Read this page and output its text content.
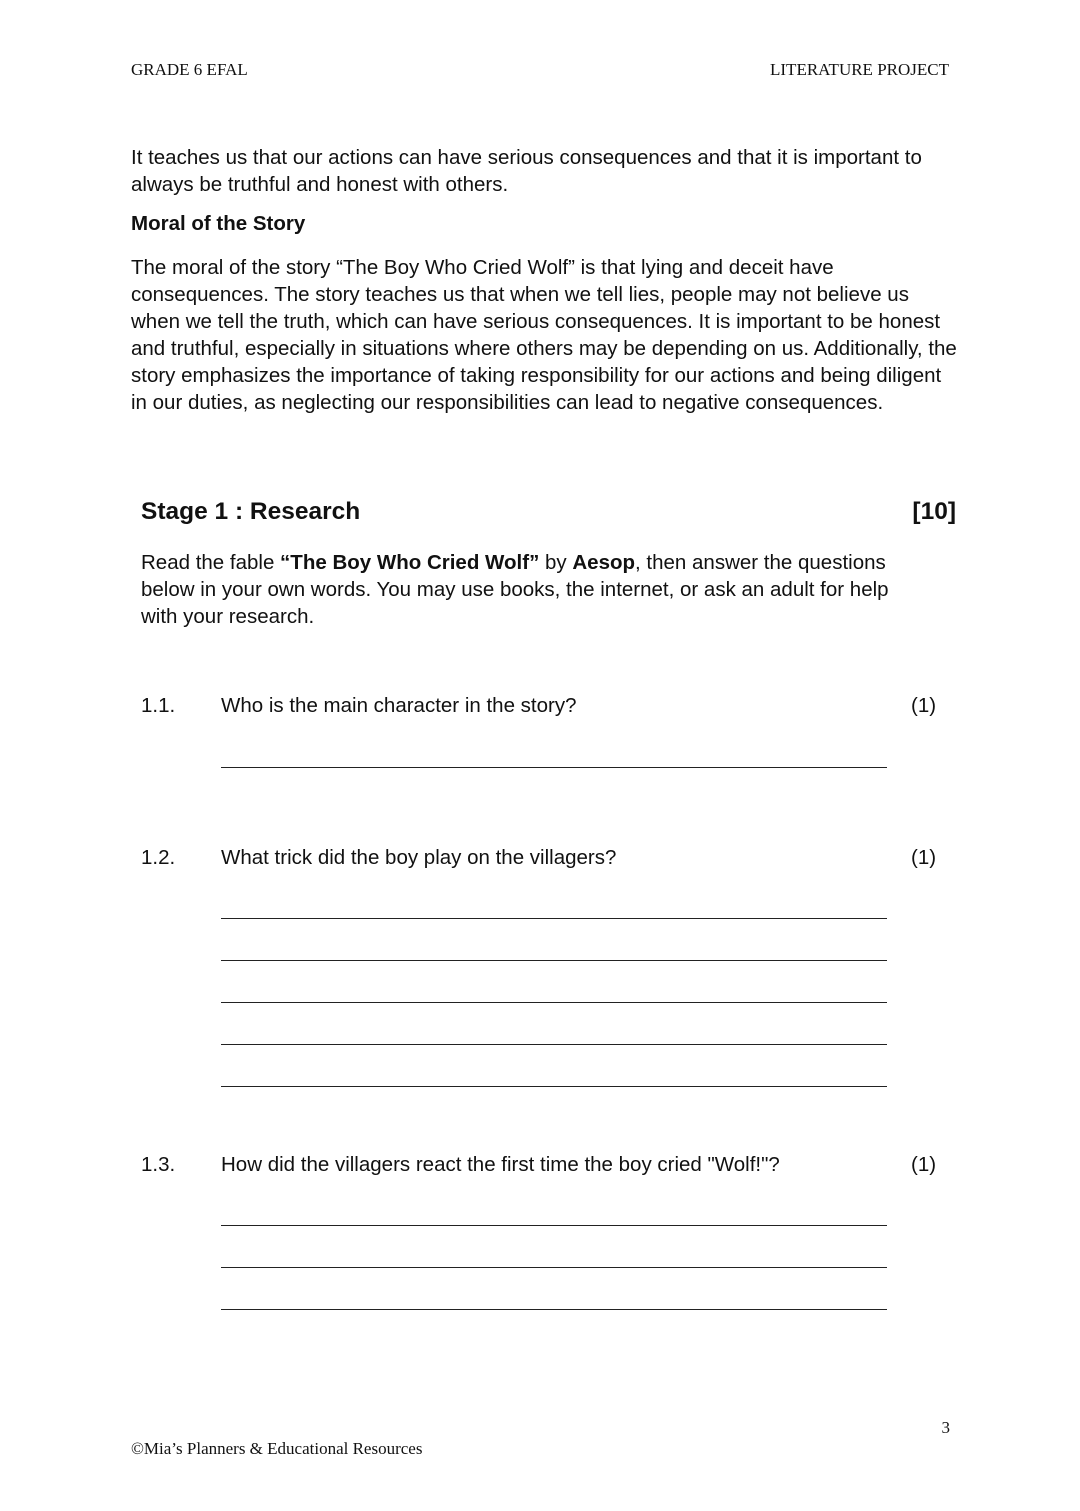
GRADE 6 EFAL	LITERATURE PROJECT
It teaches us that our actions can have serious consequences and that it is important to always be truthful and honest with others.
Moral of the Story
The moral of the story “The Boy Who Cried Wolf” is that lying and deceit have consequences. The story teaches us that when we tell lies, people may not believe us when we tell the truth, which can have serious consequences. It is important to be honest and truthful, especially in situations where others may be depending on us. Additionally, the story emphasizes the importance of taking responsibility for our actions and being diligent in our duties, as neglecting our responsibilities can lead to negative consequences.
Stage 1 : Research	[10]
Read the fable “The Boy Who Cried Wolf” by Aesop, then answer the questions below in your own words. You may use books, the internet, or ask an adult for help with your research.
1.1. Who is the main character in the story?	(1)
1.2. What trick did the boy play on the villagers?	(1)
1.3. How did the villagers react the first time the boy cried "Wolf!"?	(1)
3
©Mia’s Planners & Educational Resources
